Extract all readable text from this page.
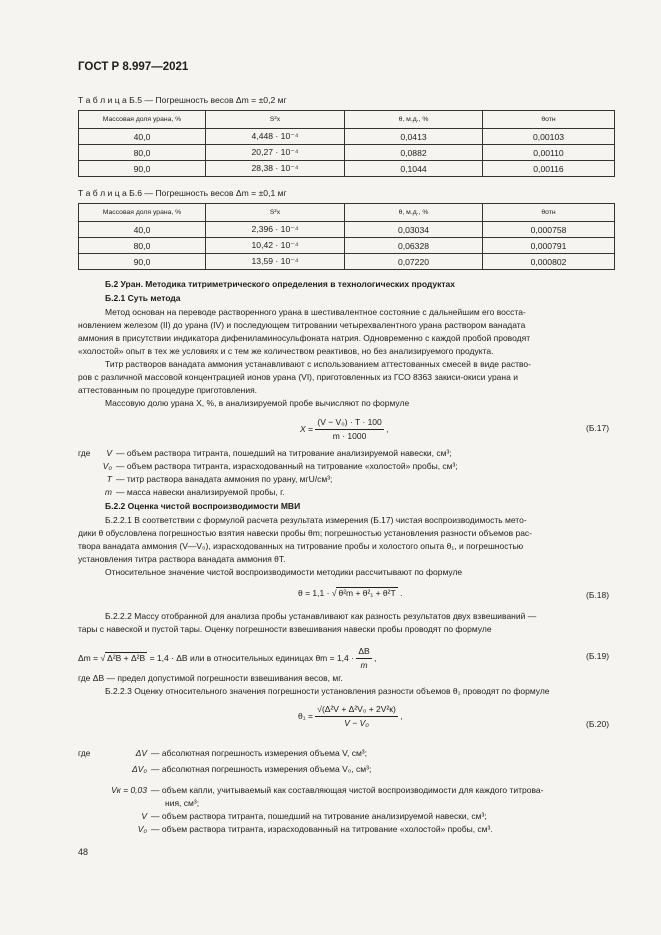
ГОСТ Р 8.997—2021
Т а б л и ц а Б.5 — Погрешность весов Δm = ±0,2 мг
Массовая доля урана, %	S²x	θ, м.д., %	θотн
40,0	4,448 · 10⁻⁴	0,0413	0,00103
80,0	20,27 · 10⁻⁴	0,0882	0,00110
90,0	28,38 · 10⁻⁴	0,1044	0,00116
Т а б л и ц а Б.6 — Погрешность весов Δm = ±0,1 мг
Массовая доля урана, %	S²x	θ, м.д., %	θотн
40,0	2,396 · 10⁻⁴	0,03034	0,000758
80,0	10,42 · 10⁻⁴	0,06328	0,000791
90,0	13,59 · 10⁻⁴	0,07220	0,000802
Б.2 Уран. Методика титриметрического определения в технологических продуктах
Б.2.1 Суть метода
Метод основан на переводе растворенного урана в шестивалентное состояние с дальнейшим его восста-
новлением железом (II) до урана (IV) и последующем титровании четырехвалентного урана раствором ванадата
аммония в присутствии индикатора дифениламиносульфоната натрия. Одновременно с каждой пробой проводят
«холостой» опыт в тех же условиях и с тем же количеством реактивов, но без анализируемого продукта.
Титр растворов ванадата аммония устанавливают с использованием аттестованных смесей в виде раство-
ров с различной массовой концентрацией ионов урана (VI), приготовленных из ГСО 8363 закиси-окиси урана и
аттестованным по процедуре приготовления.
Массовую долю урана X, %, в анализируемой пробе вычисляют по формуле
$X = \frac{\text{(V − V₀) · T · 100}}{m \cdot 1000}$ ,	(Б.17)
где	V — объем раствора титранта, пошедший на титрование анализируемой навески, см³;
V₀ — объем раствора титранта, израсходованный на титрование «холостой» пробы, см³;
T — титр раствора ванадата аммония по урану, мгU/см³;
m — масса навески анализируемой пробы, г.
Б.2.2 Оценка чистой воспроизводимости МВИ
Б.2.2.1 В соответствии с формулой расчета результата измерения (Б.17) чистая воспроизводимость мето-
дики θ обусловлена погрешностью взятия навески пробы θm; погрешностью установления разности объемов рас-
твора ванадата аммония (V—V₀), израсходованных на титрование пробы и холостого опыта θ₁, и погрешностью
установления титра раствора ванадата аммония θT.
Относительное значение чистой воспроизводимости методики рассчитывают по формуле
θ = 1,1 · √ θ²m + θ²₁ + θ²T .	(Б.18)
Б.2.2.2 Массу отобранной для анализа пробы устанавливают как разность результатов двух взвешиваний —
тары с навеской и пустой тары. Оценку погрешности взвешивания навески пробы проводят по формуле
Δm = √ Δ²В + Δ²В = 1,4 · ΔВ или в относительных единицах $\theta m = 1,4 \cdot \frac{\Delta В}{m}$ ,	(Б.19)
где ΔВ — предел допустимой погрешности взвешивания весов, мг.
Б.2.2.3 Оценку относительного значения погрешности установления разности объемов θ₁ проводят по формуле
$\theta_1 = \frac{\text{√(Δ²V + Δ²V₀ + 2V²к)}}{\text{V − V₀}}$ ,
(Б.20)
где	ΔV — абсолютная погрешность измерения объема V, см³;
ΔV₀ — абсолютная погрешность измерения объема V₀, см³;
Vк = 0,03 — объем капли, учитываемый как составляющая чистой воспроизводимости для каждого титрова-
ния, см³;
V — объем раствора титранта, пошедший на титрование анализируемой навески, см³;
V₀ — объем раствора титранта, израсходованный на титрование «холостой» пробы, см³.
48
